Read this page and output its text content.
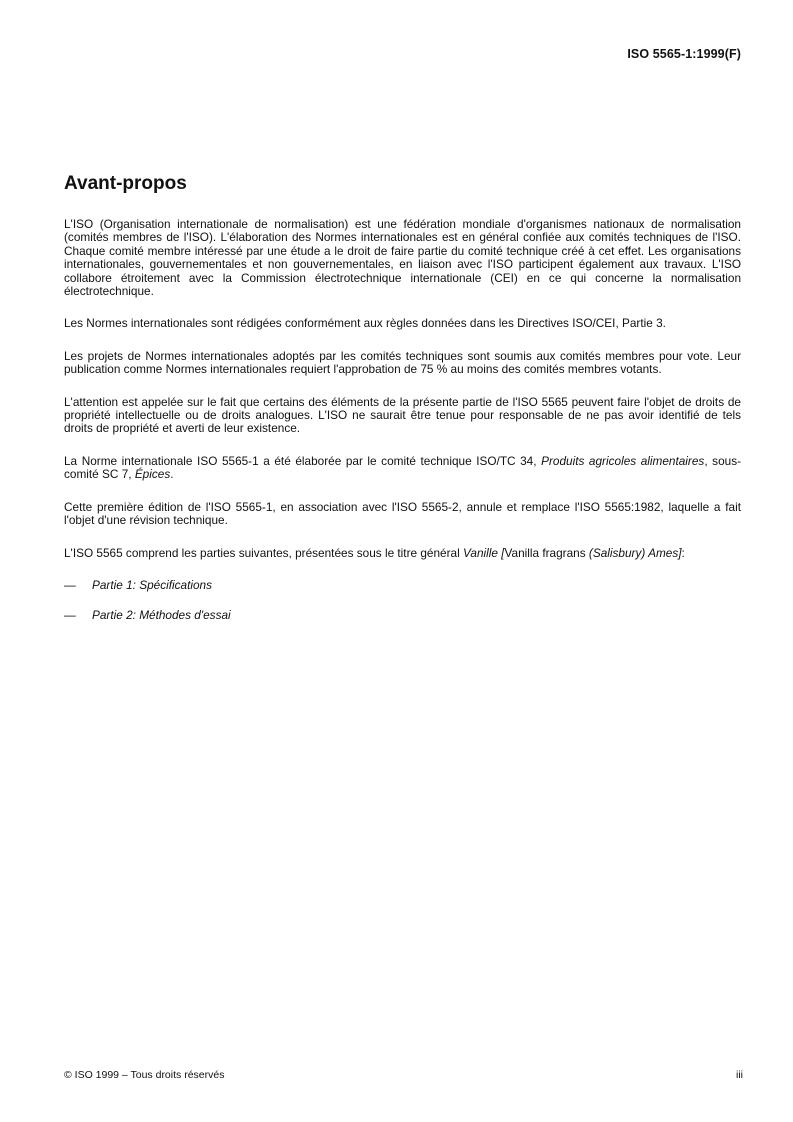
ISO 5565-1:1999(F)
Avant-propos

L'ISO (Organisation internationale de normalisation) est une fédération mondiale d'organismes nationaux de normalisation (comités membres de l'ISO). L'élaboration des Normes internationales est en général confiée aux comités techniques de l'ISO. Chaque comité membre intéressé par une étude a le droit de faire partie du comité technique créé à cet effet. Les organisations internationales, gouvernementales et non gouvernementales, en liaison avec l'ISO participent également aux travaux. L'ISO collabore étroitement avec la Commission électrotechnique internationale (CEI) en ce qui concerne la normalisation électrotechnique.

Les Normes internationales sont rédigées conformément aux règles données dans les Directives ISO/CEI, Partie 3.

Les projets de Normes internationales adoptés par les comités techniques sont soumis aux comités membres pour vote. Leur publication comme Normes internationales requiert l'approbation de 75 % au moins des comités membres votants.

L'attention est appelée sur le fait que certains des éléments de la présente partie de l'ISO 5565 peuvent faire l'objet de droits de propriété intellectuelle ou de droits analogues. L'ISO ne saurait être tenue pour responsable de ne pas avoir identifié de tels droits de propriété et averti de leur existence.

La Norme internationale ISO 5565-1 a été élaborée par le comité technique ISO/TC 34, Produits agricoles alimentaires, sous-comité SC 7, Épices.

Cette première édition de l'ISO 5565-1, en association avec l'ISO 5565-2, annule et remplace l'ISO 5565:1982, laquelle a fait l'objet d'une révision technique.

L'ISO 5565 comprend les parties suivantes, présentées sous le titre général Vanille [Vanilla fragrans (Salisbury) Ames]:

—	Partie 1: Spécifications
—	Partie 2: Méthodes d'essai
© ISO 1999 – Tous droits réservés	iii
